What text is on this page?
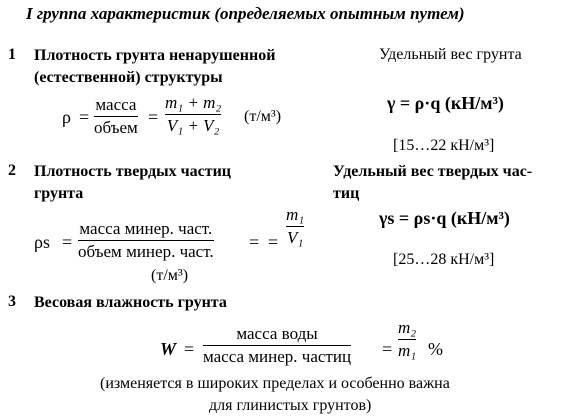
I группа характеристик (определяемых опытным путем)
1 Плотность грунта ненарушенной
(естественной) структуры
Удельный вес грунта
ρ =
масса
объем
=
m₁ + m₂
V₁ + V₂ (т/м³)
γ = ρ·q (кН/м³)
[15…22 кН/м³]
2 Плотность твердых частиц
грунта
Удельный вес твердых час-
тиц
ρs =
масса минер. част.
объем минер. част. = =
m₁
V₁
(т/м³)
γs = ρs·q (кН/м³)
[25…28 кН/м³]
3 Весовая влажность грунта
W =
масса воды
масса минер. частиц =
m₂
m₁ %
(изменяется в широких пределах и особенно важна
для глинистых грунтов)
